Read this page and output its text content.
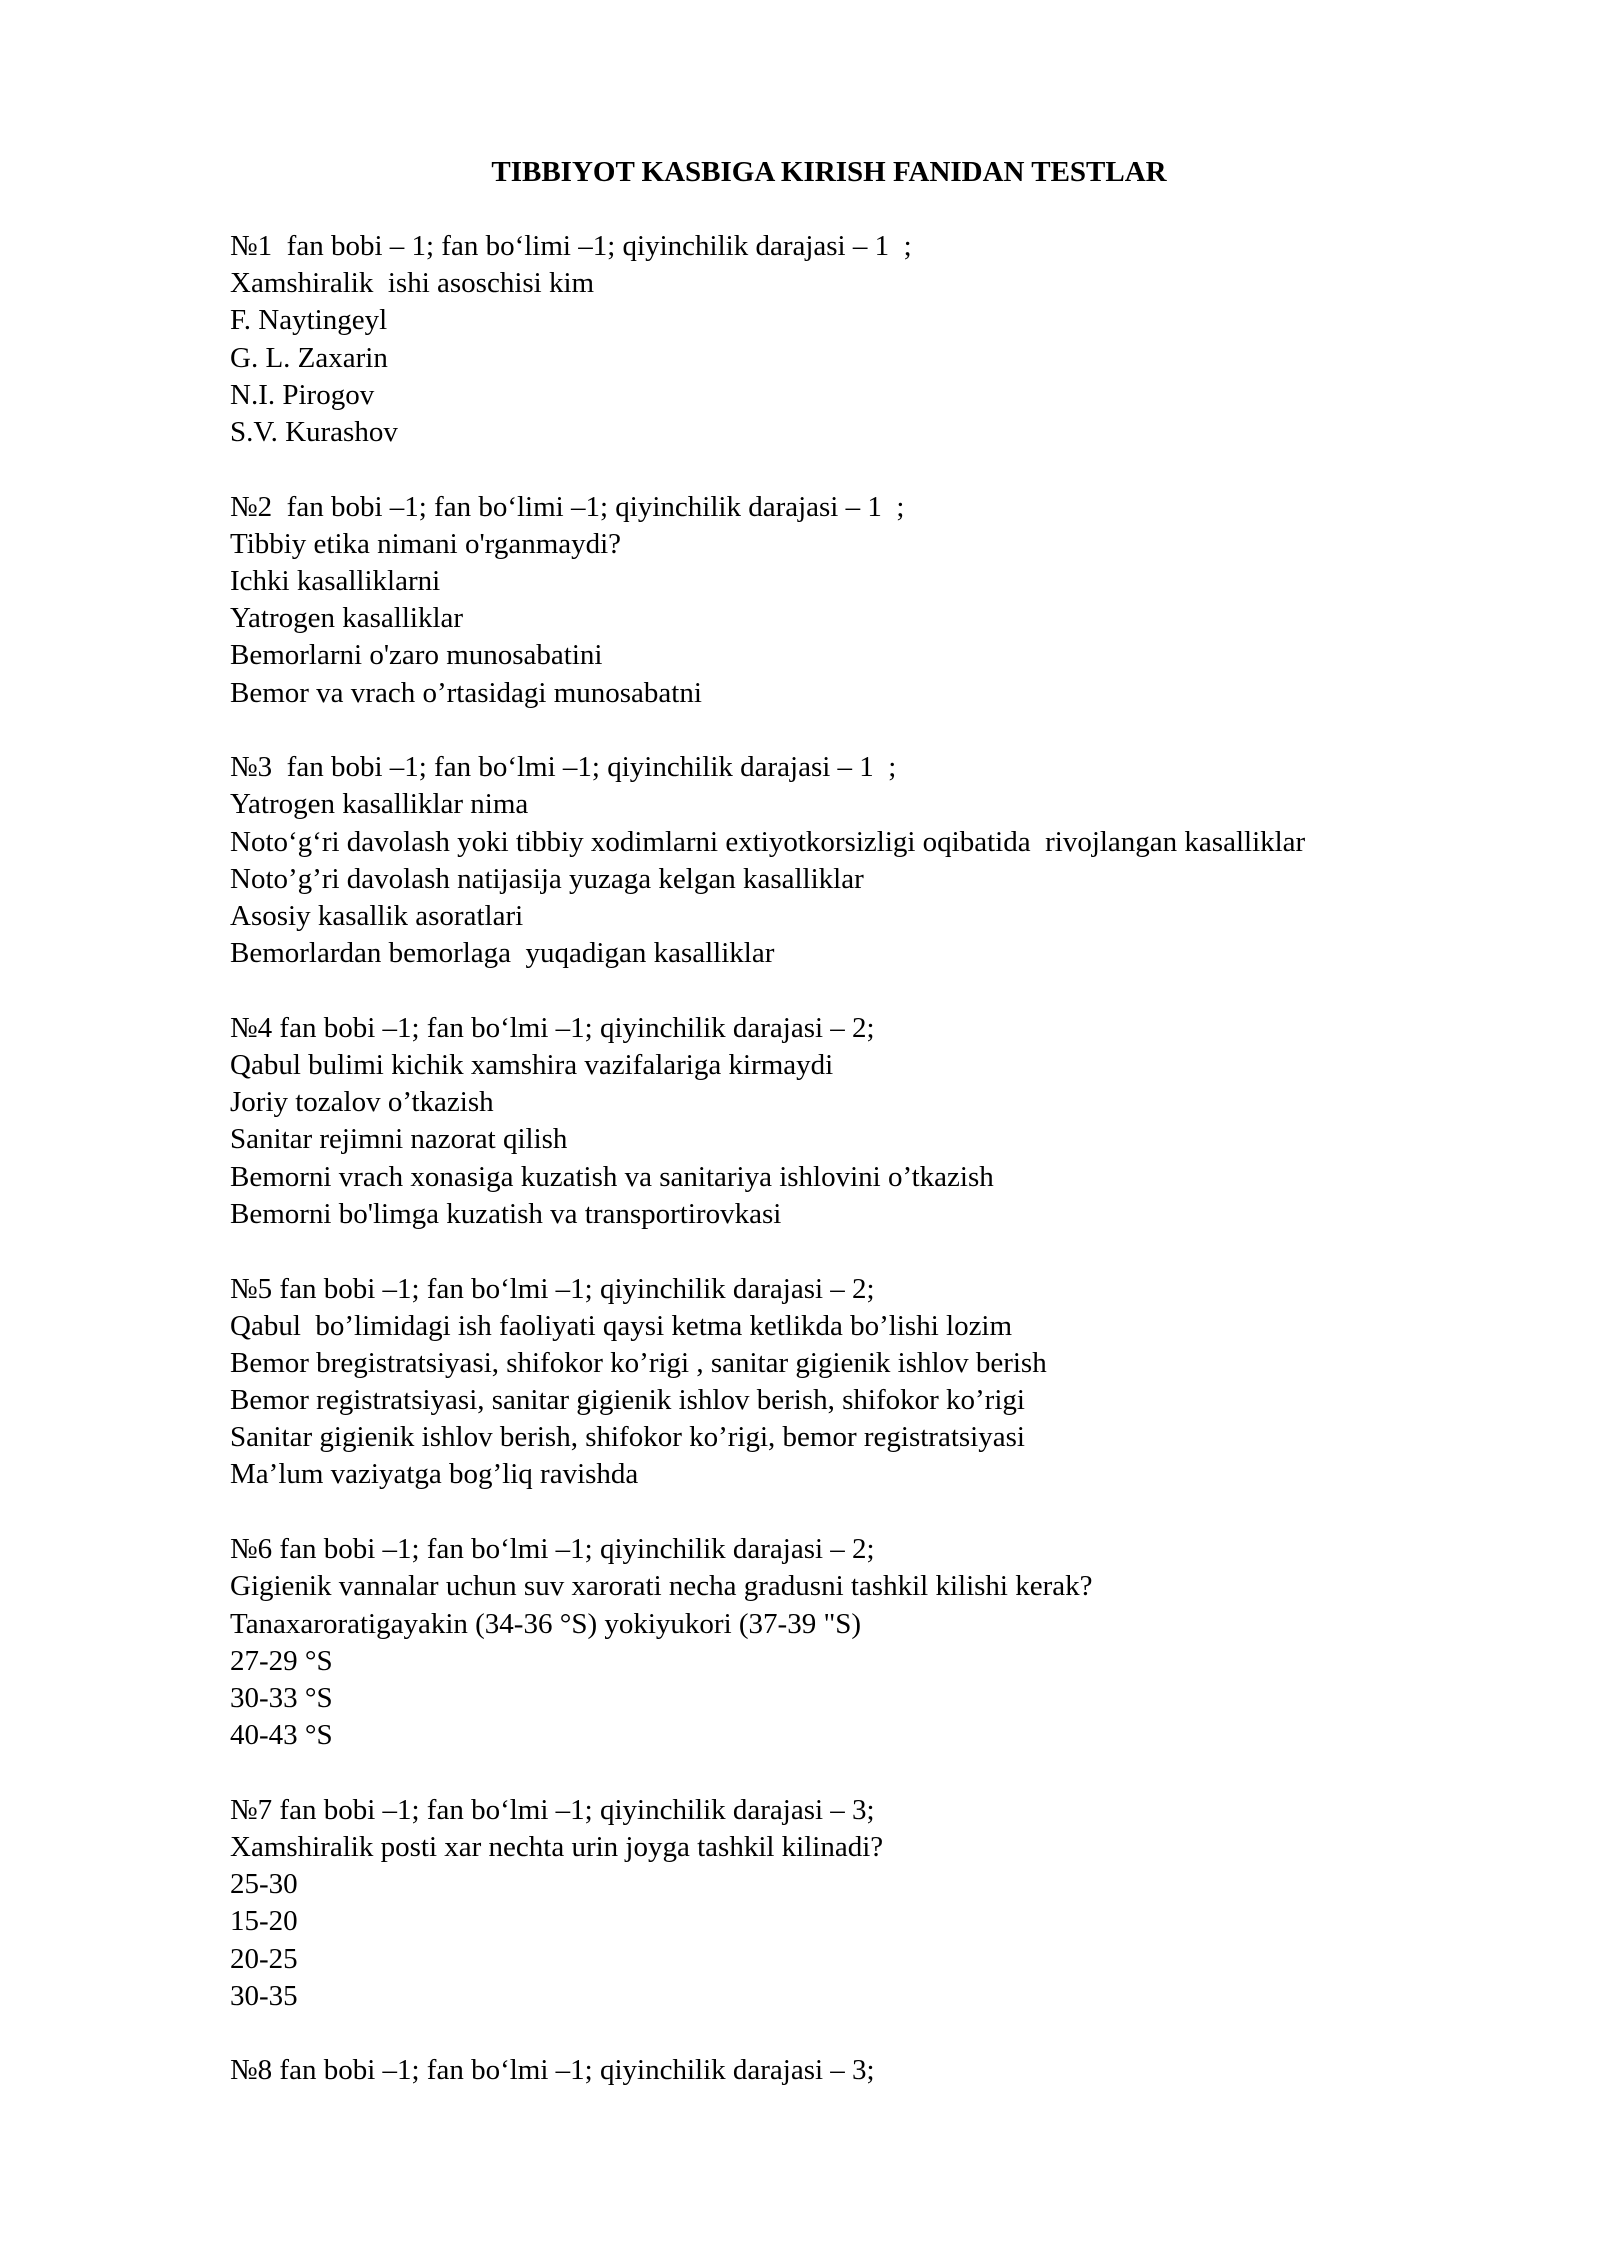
TIBBIYOT KASBIGA KIRISH FANIDAN TESTLAR
№1  fan bobi – 1; fan bo‘limi –1; qiyinchilik darajasi – 1  ;
Xamshiralik  ishi asoschisi kim
F. Naytingeyl
G. L. Zaxarin
N.I. Pirogov
S.V. Kurashov
№2  fan bobi –1; fan bo‘limi –1; qiyinchilik darajasi – 1  ;
Tibbiy etika nimani o'rganmaydi?
Ichki kasalliklarni
Yatrogen kasalliklar
Bemorlarni o'zaro munosabatini
Bemor va vrach o’rtasidagi munosabatni
№3  fan bobi –1; fan bo‘lmi –1; qiyinchilik darajasi – 1  ;
Yatrogen kasalliklar nima
Noto‘g‘ri davolash yoki tibbiy xodimlarni extiyotkorsizligi oqibatida  rivojlangan kasalliklar
Noto’g’ri davolash natijasija yuzaga kelgan kasalliklar
Asosiy kasallik asoratlari
Bemorlardan bemorlaga  yuqadigan kasalliklar
№4 fan bobi –1; fan bo‘lmi –1; qiyinchilik darajasi – 2;
Qabul bulimi kichik xamshira vazifalariga kirmaydi
Joriy tozalov o’tkazish
Sanitar rejimni nazorat qilish
Bemorni vrach xonasiga kuzatish va sanitariya ishlovini o’tkazish
Bemorni bo'limga kuzatish va transportirovkasi
№5 fan bobi –1; fan bo‘lmi –1; qiyinchilik darajasi – 2;
Qabul  bo’limidagi ish faoliyati qaysi ketma ketlikda bo’lishi lozim
Bemor bregistratsiyasi, shifokor ko’rigi , sanitar gigienik ishlov berish
Bemor registratsiyasi, sanitar gigienik ishlov berish, shifokor ko’rigi
Sanitar gigienik ishlov berish, shifokor ko’rigi, bemor registratsiyasi
Ma’lum vaziyatga bog’liq ravishda
№6 fan bobi –1; fan bo‘lmi –1; qiyinchilik darajasi – 2;
Gigienik vannalar uchun suv xarorati necha gradusni tashkil kilishi kerak?
Tanaxaroratigayakin (34-36 °S) yokiyukori (37-39 "S)
27-29 °S
30-33 °S
40-43 °S
№7 fan bobi –1; fan bo‘lmi –1; qiyinchilik darajasi – 3;
Xamshiralik posti xar nechta urin joyga tashkil kilinadi?
25-30
15-20
20-25
30-35
№8 fan bobi –1; fan bo‘lmi –1; qiyinchilik darajasi – 3;
